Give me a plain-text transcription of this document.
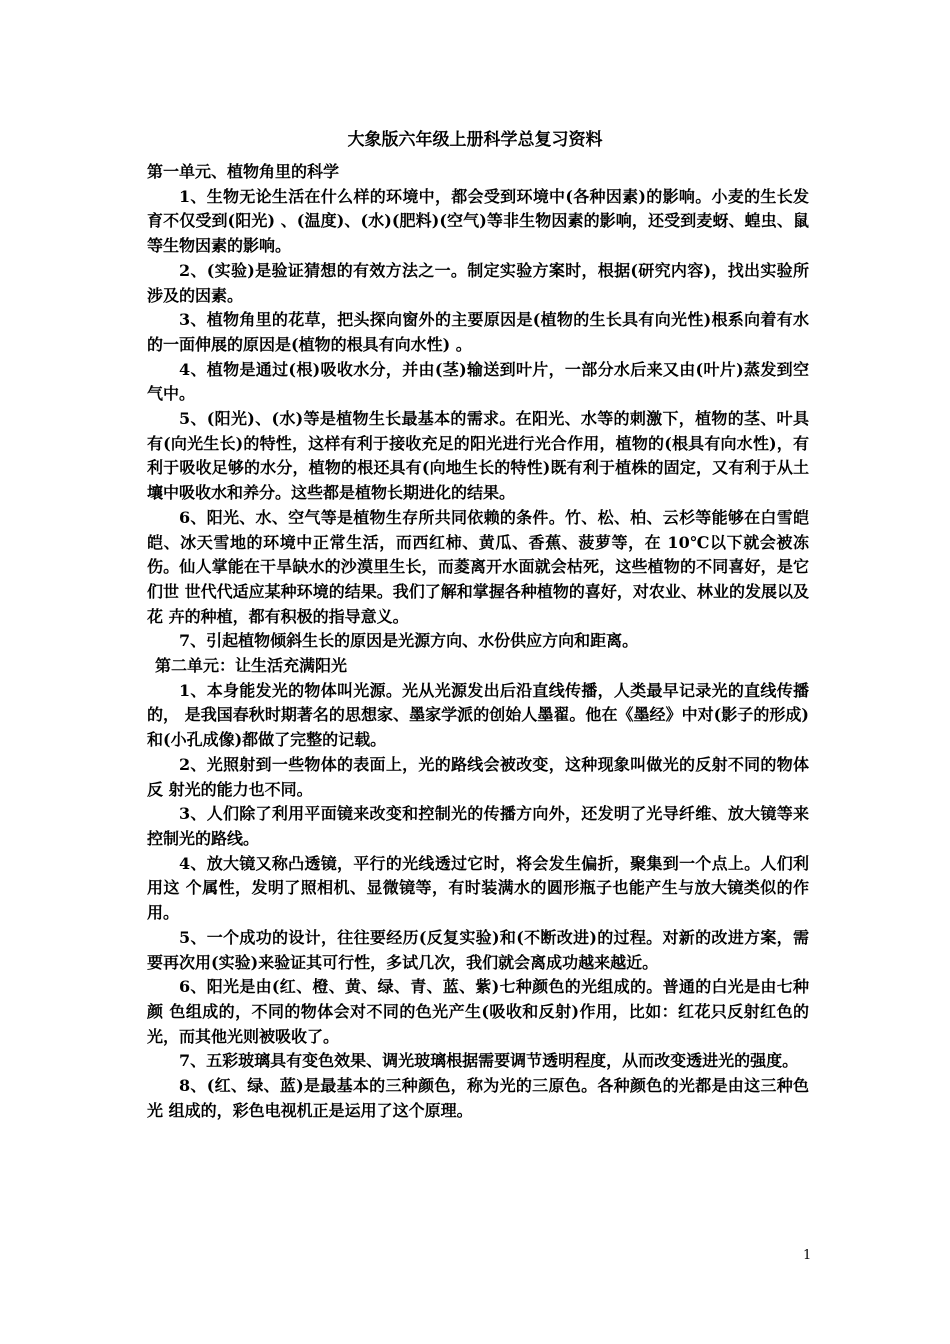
大象版六年级上册科学总复习资料

第一单元、植物角里的科学

1、生物无论生活在什么样的环境中，都会受到环境中(各种因素)的影响。小麦的生长发育不仅受到(阳光) 、(温度)、(水)(肥料)(空气)等非生物因素的影响，还受到麦蚜、蝗虫、鼠等生物因素的影响。

2、(实验)是验证猜想的有效方法之一。制定实验方案时，根据(研究内容)，找出实验所涉及的因素。

3、植物角里的花草，把头探向窗外的主要原因是(植物的生长具有向光性)根系向着有水的一面伸展的原因是(植物的根具有向水性) 。

4、植物是通过(根)吸收水分，并由(茎)输送到叶片，一部分水后来又由(叶片)蒸发到空气中。

5、(阳光)、(水)等是植物生长最基本的需求。在阳光、水等的刺激下，植物的茎、叶具有(向光生长)的特性，这样有利于接收充足的阳光进行光合作用，植物的(根具有向水性)，有利于吸收足够的水分，植物的根还具有(向地生长的特性)既有利于植株的固定，又有利于从土壤中吸收水和养分。这些都是植物长期进化的结果。

6、阳光、水、空气等是植物生存所共同依赖的条件。竹、松、柏、云杉等能够在白雪皑皑、冰天雪地的环境中正常生活，而西红柿、黄瓜、香蕉、菠萝等，在 10℃以下就会被冻伤。仙人掌能在干旱缺水的沙漠里生长，而菱离开水面就会枯死，这些植物的不同喜好，是它们世 世代代适应某种环境的结果。我们了解和掌握各种植物的喜好，对农业、林业的发展以及花 卉的种植，都有积极的指导意义。

7、引起植物倾斜生长的原因是光源方向、水份供应方向和距离。

第二单元：让生活充满阳光

1、本身能发光的物体叫光源。光从光源发出后沿直线传播，人类最早记录光的直线传播的， 是我国春秋时期著名的思想家、墨家学派的创始人墨翟。他在《墨经》中对(影子的形成) 和(小孔成像)都做了完整的记载。

2、光照射到一些物体的表面上，光的路线会被改变，这种现象叫做光的反射不同的物体反 射光的能力也不同。

3、人们除了利用平面镜来改变和控制光的传播方向外，还发明了光导纤维、放大镜等来控制光的路线。

4、放大镜又称凸透镜，平行的光线透过它时，将会发生偏折，聚集到一个点上。人们利用这 个属性，发明了照相机、显微镜等，有时装满水的圆形瓶子也能产生与放大镜类似的作用。

5、一个成功的设计，往往要经历(反复实验)和(不断改进)的过程。对新的改进方案，需 要再次用(实验)来验证其可行性，多试几次，我们就会离成功越来越近。

6、阳光是由(红、橙、黄、绿、青、蓝、紫)七种颜色的光组成的。普通的白光是由七种颜 色组成的，不同的物体会对不同的色光产生(吸收和反射)作用，比如：红花只反射红色的光，而其他光则被吸收了。

7、五彩玻璃具有变色效果、调光玻璃根据需要调节透明程度，从而改变透进光的强度。

8、(红、绿、蓝)是最基本的三种颜色，称为光的三原色。各种颜色的光都是由这三种色光 组成的，彩色电视机正是运用了这个原理。

1
